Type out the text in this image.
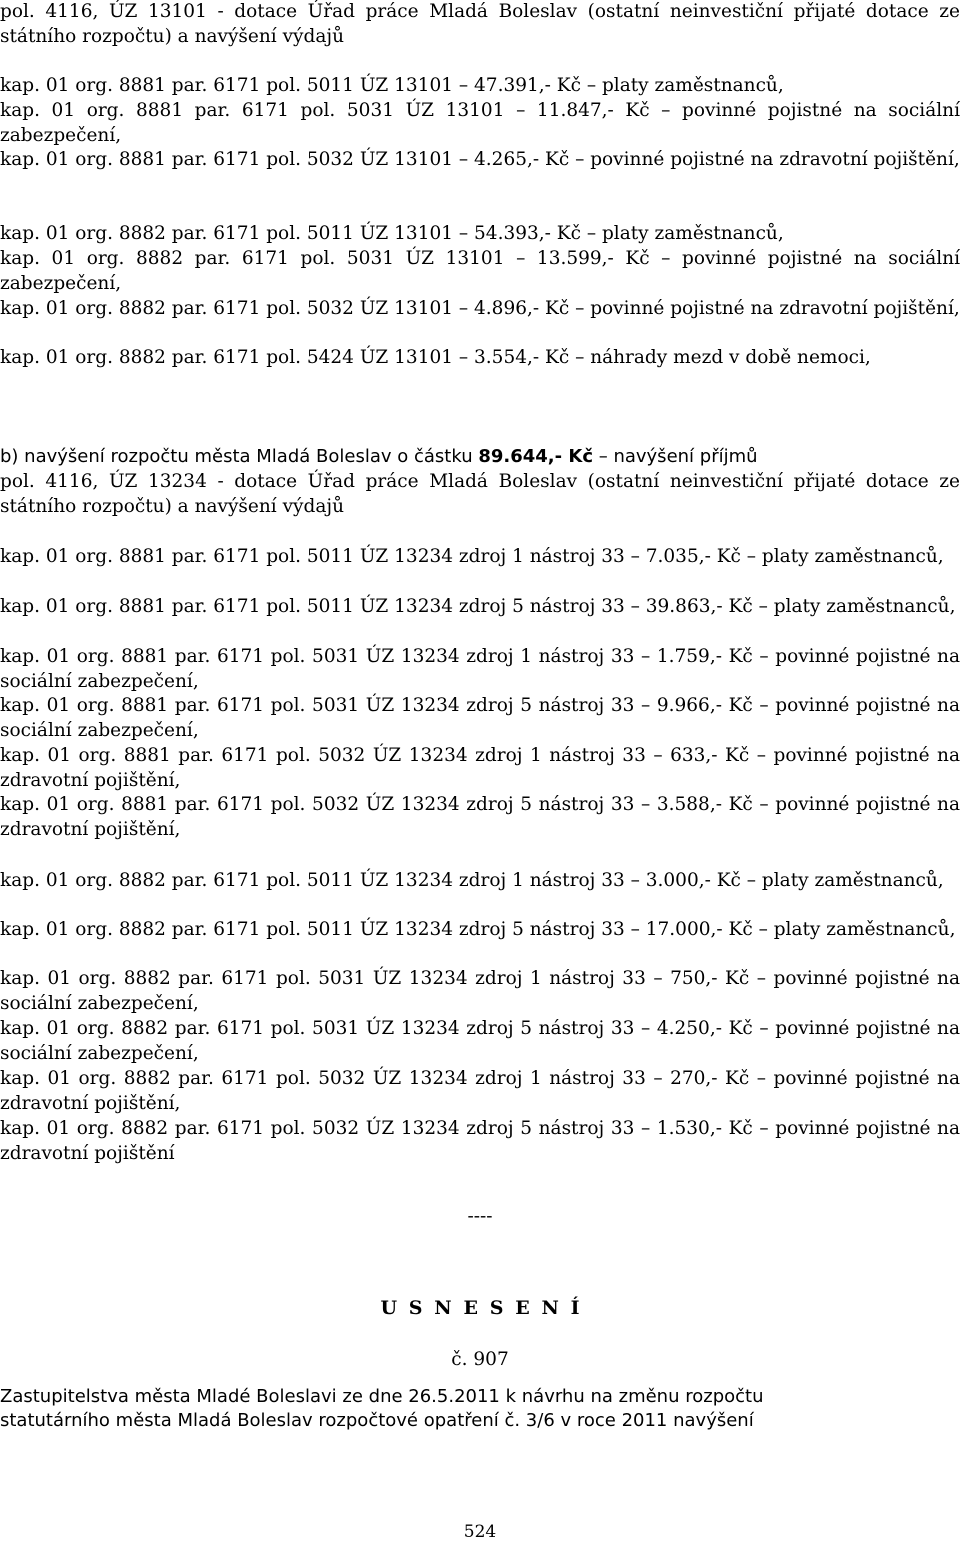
pol. 4116, ÚZ 13101 - dotace Úřad práce Mladá Boleslav (ostatní neinvestiční přijaté dotace ze státního rozpočtu) a navýšení výdajů

kap. 01 org. 8881 par. 6171 pol. 5011 ÚZ 13101 – 47.391,- Kč – platy zaměstnanců,

kap. 01 org. 8881 par. 6171 pol. 5031 ÚZ 13101 – 11.847,- Kč – povinné pojistné na sociální zabezpečení,

kap. 01 org. 8881 par. 6171 pol. 5032 ÚZ 13101 – 4.265,- Kč – povinné pojistné na zdravotní pojištění,

kap. 01 org. 8882 par. 6171 pol. 5011 ÚZ 13101 – 54.393,- Kč – platy zaměstnanců,

kap. 01 org. 8882 par. 6171 pol. 5031 ÚZ 13101 – 13.599,- Kč – povinné pojistné na sociální zabezpečení,

kap. 01 org. 8882 par. 6171 pol. 5032 ÚZ 13101 – 4.896,- Kč – povinné pojistné na zdravotní pojištění,

kap. 01 org. 8882 par. 6171 pol. 5424 ÚZ 13101 – 3.554,- Kč – náhrady mezd v době nemoci,

b) navýšení rozpočtu města Mladá Boleslav o částku 89.644,- Kč – navýšení příjmů

pol. 4116, ÚZ 13234 - dotace Úřad práce Mladá Boleslav (ostatní neinvestiční přijaté dotace ze státního rozpočtu) a navýšení výdajů

kap. 01 org. 8881 par. 6171 pol. 5011 ÚZ 13234 zdroj 1 nástroj 33 – 7.035,- Kč – platy zaměstnanců,

kap. 01 org. 8881 par. 6171 pol. 5011 ÚZ 13234 zdroj 5 nástroj 33 – 39.863,- Kč – platy zaměstnanců,

kap. 01 org. 8881 par. 6171 pol. 5031 ÚZ 13234 zdroj 1 nástroj 33 – 1.759,- Kč – povinné pojistné na sociální zabezpečení,

kap. 01 org. 8881 par. 6171 pol. 5031 ÚZ 13234 zdroj 5 nástroj 33 – 9.966,- Kč – povinné pojistné na sociální zabezpečení,

kap. 01 org. 8881 par. 6171 pol. 5032 ÚZ 13234 zdroj 1 nástroj 33 – 633,- Kč – povinné pojistné na zdravotní pojištění,

kap. 01 org. 8881 par. 6171 pol. 5032 ÚZ 13234 zdroj 5 nástroj 33 – 3.588,- Kč – povinné pojistné na zdravotní pojištění,

kap. 01 org. 8882 par. 6171 pol. 5011 ÚZ 13234 zdroj 1 nástroj 33 – 3.000,- Kč – platy zaměstnanců,

kap. 01 org. 8882 par. 6171 pol. 5011 ÚZ 13234 zdroj 5 nástroj 33 – 17.000,- Kč – platy zaměstnanců,

kap. 01 org. 8882 par. 6171 pol. 5031 ÚZ 13234 zdroj 1 nástroj 33 – 750,- Kč – povinné pojistné na sociální zabezpečení,

kap. 01 org. 8882 par. 6171 pol. 5031 ÚZ 13234 zdroj 5 nástroj 33 – 4.250,- Kč – povinné pojistné na sociální zabezpečení,

kap. 01 org. 8882 par. 6171 pol. 5032 ÚZ 13234 zdroj 1 nástroj 33 – 270,- Kč – povinné pojistné na zdravotní pojištění,

kap. 01 org. 8882 par. 6171 pol. 5032 ÚZ 13234 zdroj 5 nástroj 33 – 1.530,- Kč – povinné pojistné na zdravotní pojištění

----
USNESENÍ
č. 907

Zastupitelstva města Mladé Boleslavi ze dne 26.5.2011 k návrhu na změnu rozpočtu

statutárního města Mladá Boleslav rozpočtové opatření č. 3/6 v roce 2011 navýšení

524
